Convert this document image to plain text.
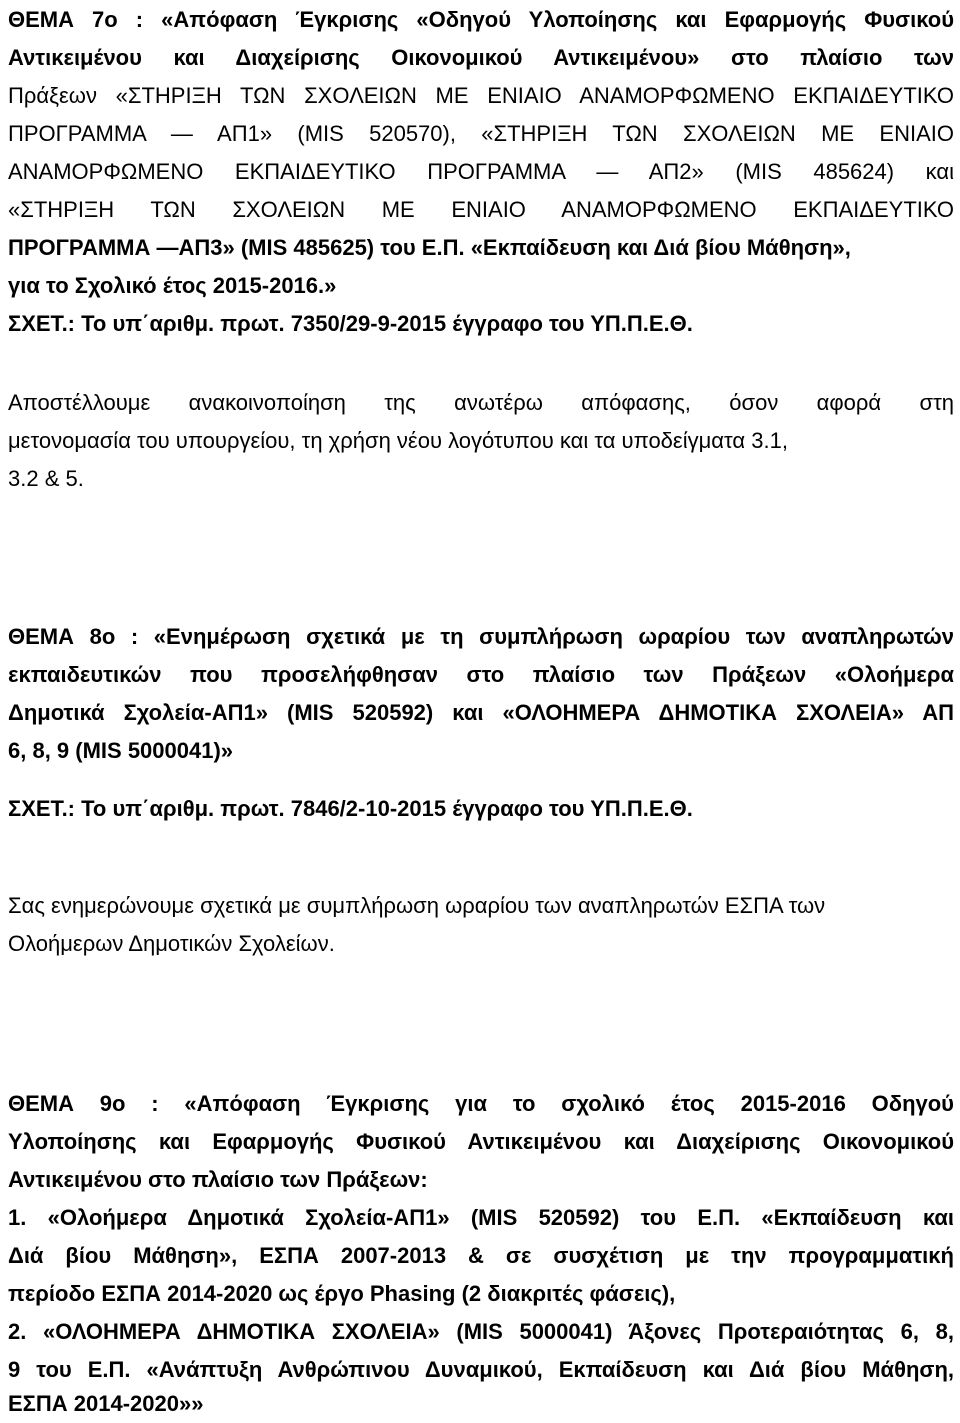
ΘΕΜΑ 7ο : «Απόφαση Έγκρισης «Οδηγού Υλοποίησης και Εφαρμογής Φυσικού
Αντικειμένου και Διαχείρισης Οικονομικού Αντικειμένου» στο πλαίσιο των
Πράξεων «ΣΤΗΡΙΞΗ ΤΩΝ ΣΧΟΛΕΙΩΝ ΜΕ ΕΝΙΑΙΟ ΑΝΑΜΟΡΦΩΜΕΝΟ ΕΚΠΑΙΔΕΥΤΙΚΟ
ΠΡΟΓΡΑΜΜΑ — ΑΠ1» (MIS 520570), «ΣΤΗΡΙΞΗ ΤΩΝ ΣΧΟΛΕΙΩΝ ΜΕ ΕΝΙΑΙΟ
ΑΝΑΜΟΡΦΩΜΕΝΟ ΕΚΠΑΙΔΕΥΤΙΚΟ ΠΡΟΓΡΑΜΜΑ — ΑΠ2» (MIS 485624) και
«ΣΤΗΡΙΞΗ ΤΩΝ ΣΧΟΛΕΙΩΝ ΜΕ ΕΝΙΑΙΟ ΑΝΑΜΟΡΦΩΜΕΝΟ ΕΚΠΑΙΔΕΥΤΙΚΟ
ΠΡΟΓΡΑΜΜΑ —ΑΠ3» (MIS 485625) του Ε.Π. «Εκπαίδευση και Διά βίου Μάθηση»,
για το Σχολικό έτος 2015-2016.»
ΣΧΕΤ.: Το υπ΄αριθμ. πρωτ. 7350/29-9-2015 έγγραφο του ΥΠ.Π.Ε.Θ.
Αποστέλλουμε ανακοινοποίηση της ανωτέρω απόφασης, όσον αφορά στη
μετονομασία του υπουργείου, τη χρήση νέου λογότυπου και τα υποδείγματα 3.1,
3.2 & 5.
ΘΕΜΑ 8ο : «Ενημέρωση σχετικά με τη συμπλήρωση ωραρίου των αναπληρωτών
εκπαιδευτικών που προσελήφθησαν στο πλαίσιο των Πράξεων «Ολοήμερα
Δημοτικά Σχολεία-ΑΠ1» (MIS 520592) και «ΟΛΟΗΜΕΡΑ ΔΗΜΟΤΙΚΑ ΣΧΟΛΕΙΑ» ΑΠ
6, 8, 9 (MIS 5000041)»
ΣΧΕΤ.: Το υπ΄αριθμ. πρωτ. 7846/2-10-2015 έγγραφο του ΥΠ.Π.Ε.Θ.
Σας ενημερώνουμε σχετικά με συμπλήρωση ωραρίου των αναπληρωτών ΕΣΠΑ των
Ολοήμερων Δημοτικών Σχολείων.
ΘΕΜΑ 9ο : «Απόφαση Έγκρισης για το σχολικό έτος 2015-2016 Οδηγού
Υλοποίησης και Εφαρμογής Φυσικού Αντικειμένου και Διαχείρισης Οικονομικού
Αντικειμένου στο πλαίσιο των Πράξεων:
1. «Ολοήμερα Δημοτικά Σχολεία-ΑΠ1» (MIS 520592) του Ε.Π. «Εκπαίδευση και
Διά βίου Μάθηση», ΕΣΠΑ 2007-2013 & σε συσχέτιση με την προγραμματική
περίοδο ΕΣΠΑ 2014-2020 ως έργο Phasing (2 διακριτές φάσεις),
2. «ΟΛΟΗΜΕΡΑ ΔΗΜΟΤΙΚΑ ΣΧΟΛΕΙΑ» (MIS 5000041) Άξονες Προτεραιότητας 6, 8,
9 του Ε.Π. «Ανάπτυξη Ανθρώπινου Δυναμικού, Εκπαίδευση και Διά βίου Μάθηση,
ΕΣΠΑ 2014-2020»»
